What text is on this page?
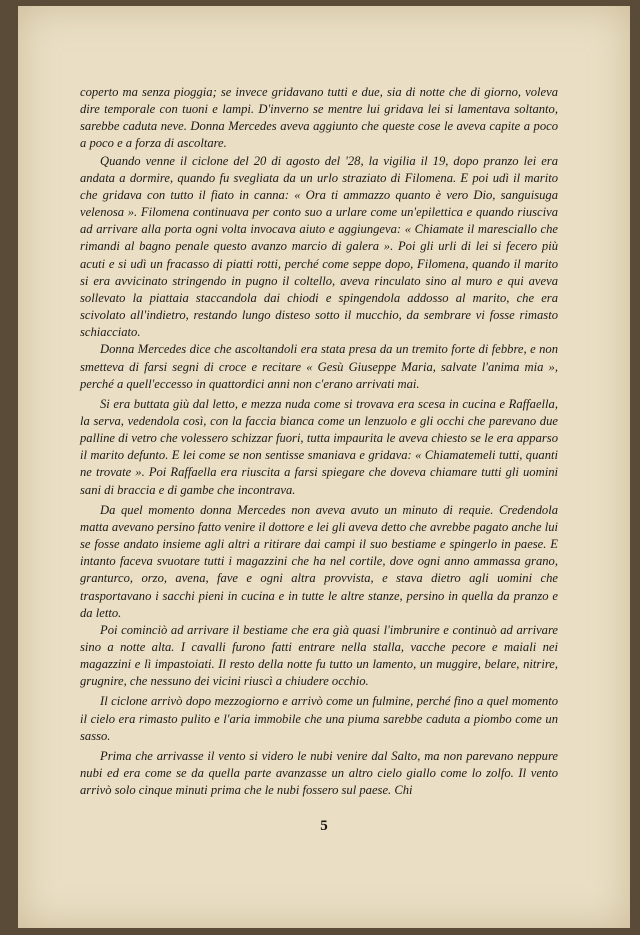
coperto ma senza pioggia; se invece gridavano tutti e due, sia di notte che di giorno, voleva dire temporale con tuoni e lampi. D'inverno se mentre lui gridava lei si lamentava soltanto, sarebbe caduta neve. Donna Mercedes aveva aggiunto che queste cose le aveva capite a poco a poco e a forza di ascoltare.

Quando venne il ciclone del 20 di agosto del '28, la vigilia il 19, dopo pranzo lei era andata a dormire, quando fu svegliata da un urlo straziato di Filomena. E poi udì il marito che gridava con tutto il fiato in canna: « Ora ti ammazzo quanto è vero Dio, sanguisuga velenosa ». Filomena continuava per conto suo a urlare come un'epilettica e quando riusciva ad arrivare alla porta ogni volta invocava aiuto e aggiungeva: « Chiamate il maresciallo che rimandi al bagno penale questo avanzo marcio di galera ». Poi gli urli di lei si fecero più acuti e si udì un fracasso di piatti rotti, perché come seppe dopo, Filomena, quando il marito si era avvicinato stringendo in pugno il coltello, aveva rinculato sino al muro e qui aveva sollevato la piattaia staccandola dai chiodi e spingendola addosso al marito, che era scivolato all'indietro, restando lungo disteso sotto il mucchio, da sembrare vi fosse rimasto schiacciato.

Donna Mercedes dice che ascoltandoli era stata presa da un tremito forte di febbre, e non smetteva di farsi segni di croce e recitare « Gesù Giuseppe Maria, salvate l'anima mia », perché a quell'eccesso in quattordici anni non c'erano arrivati mai.

Si era buttata giù dal letto, e mezza nuda come si trovava era scesa in cucina e Raffaella, la serva, vedendola così, con la faccia bianca come un lenzuolo e gli occhi che parevano due palline di vetro che volessero schizzar fuori, tutta impaurita le aveva chiesto se le era apparso il marito defunto. E lei come se non sentisse smaniava e gridava: « Chiamatemeli tutti, quanti ne trovate ». Poi Raffaella era riuscita a farsi spiegare che doveva chiamare tutti gli uomini sani di braccia e di gambe che incontrava.

Da quel momento donna Mercedes non aveva avuto un minuto di requie. Credendola matta avevano persino fatto venire il dottore e lei gli aveva detto che avrebbe pagato anche lui se fosse andato insieme agli altri a ritirare dai campi il suo bestiame e spingerlo in paese. E intanto faceva svuotare tutti i magazzini che ha nel cortile, dove ogni anno ammassa grano, granturco, orzo, avena, fave e ogni altra provvista, e stava dietro agli uomini che trasportavano i sacchi pieni in cucina e in tutte le altre stanze, persino in quella da pranzo e da letto.

Poi cominciò ad arrivare il bestiame che era già quasi l'imbrunire e continuò ad arrivare sino a notte alta. I cavalli furono fatti entrare nella stalla, vacche pecore e maiali nei magazzini e lì impastoiati. Il resto della notte fu tutto un lamento, un muggire, belare, nitrire, grugnire, che nessuno dei vicini riuscì a chiudere occhio.

Il ciclone arrivò dopo mezzogiorno e arrivò come un fulmine, perché fino a quel momento il cielo era rimasto pulito e l'aria immobile che una piuma sarebbe caduta a piombo come un sasso.

Prima che arrivasse il vento si videro le nubi venire dal Salto, ma non parevano neppure nubi ed era come se da quella parte avanzasse un altro cielo giallo come lo zolfo. Il vento arrivò solo cinque minuti prima che le nubi fossero sul paese. Chi

5
